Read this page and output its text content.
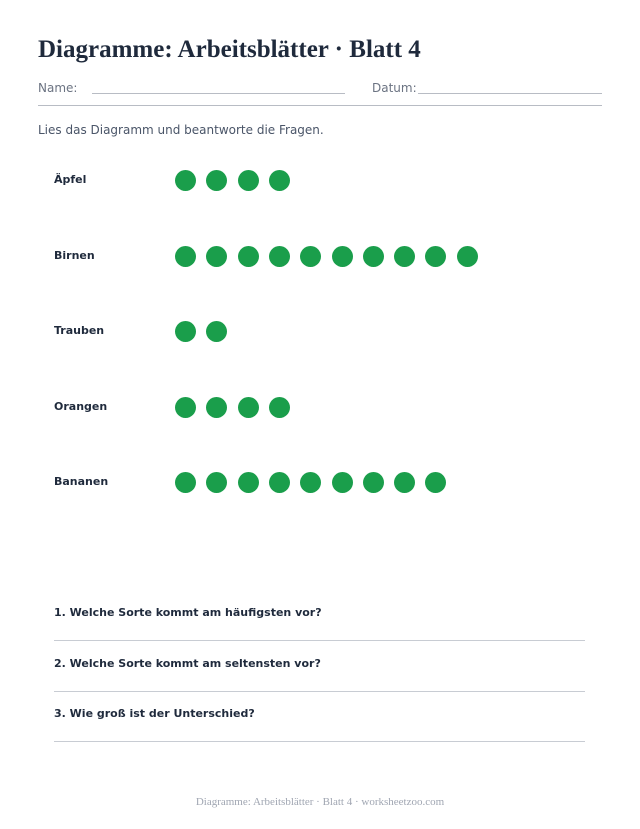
Diagramme: Arbeitsblätter · Blatt 4
Name:	Datum:
Lies das Diagramm und beantworte die Fragen.
Äpfel
Birnen
Trauben
Orangen
Bananen
1. Welche Sorte kommt am häufigsten vor?
2. Welche Sorte kommt am seltensten vor?
3. Wie groß ist der Unterschied?
Diagramme: Arbeitsblätter · Blatt 4 · worksheetzoo.com
